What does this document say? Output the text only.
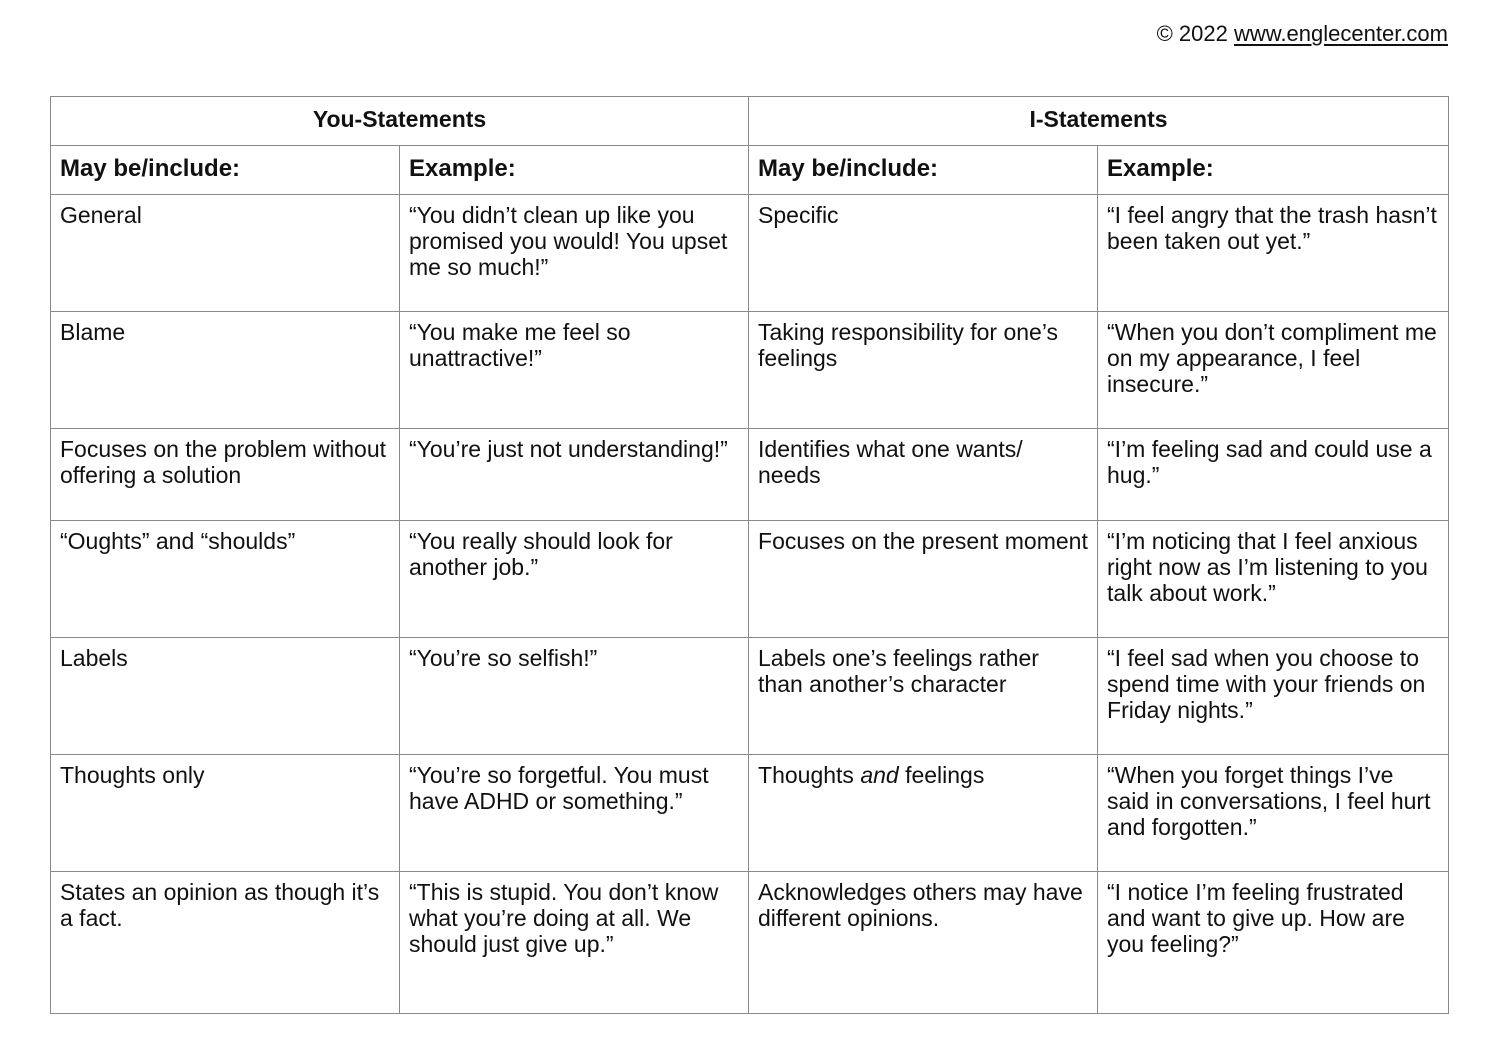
© 2022 www.englecenter.com
You-Statements		I-Statements	
May be/include:	Example:	May be/include:	Example:
General	“You didn’t clean up like you promised you would! You upset me so much!”	Specific	“I feel angry that the trash hasn’t been taken out yet.”
Blame	“You make me feel so unattractive!”	Taking responsibility for one’s feelings	“When you don’t compliment me on my appearance, I feel insecure.”
Focuses on the problem without offering a solution	“You’re just not understanding!”	Identifies what one wants/ needs	“I’m feeling sad and could use a hug.”
“Oughts” and “shoulds”	“You really should look for another job.”	Focuses on the present moment	“I’m noticing that I feel anxious right now as I’m listening to you talk about work.”
Labels	“You’re so selfish!”	Labels one’s feelings rather than another’s character	“I feel sad when you choose to spend time with your friends on Friday nights.”
Thoughts only	“You’re so forgetful. You must have ADHD or something.”	Thoughts and feelings	“When you forget things I’ve said in conversations, I feel hurt and forgotten.”
States an opinion as though it’s a fact.	“This is stupid. You don’t know what you’re doing at all. We should just give up.”	Acknowledges others may have different opinions.	“I notice I’m feeling frustrated and want to give up. How are you feeling?”
